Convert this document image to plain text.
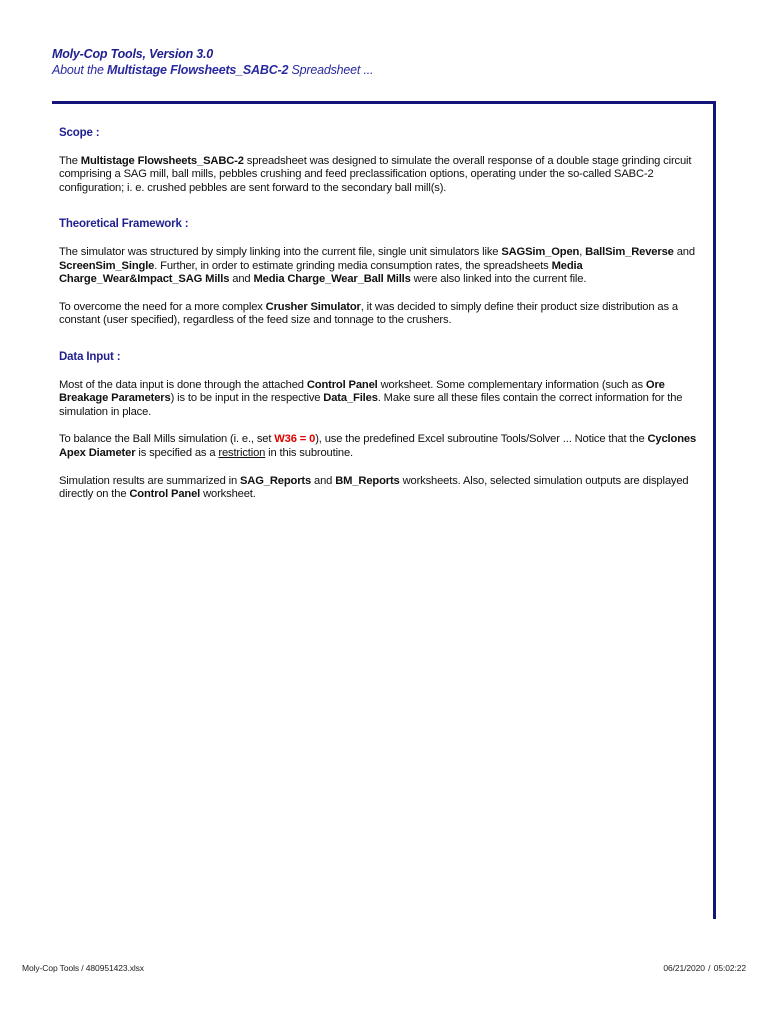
Moly-Cop Tools, Version 3.0
About the Multistage Flowsheets_SABC-2 Spreadsheet ...
Scope :

The Multistage Flowsheets_SABC-2 spreadsheet was designed to simulate the overall response of a double stage grinding circuit comprising a SAG mill, ball mills, pebbles crushing and feed preclassification options, operating under the so-called SABC-2 configuration; i. e. crushed pebbles are sent forward to the secondary ball mill(s).

Theoretical Framework :

The simulator was structured by simply linking into the current file, single unit simulators like SAGSim_Open, BallSim_Reverse and ScreenSim_Single. Further, in order to estimate grinding media consumption rates, the spreadsheets Media Charge_Wear&Impact_SAG Mills and Media Charge_Wear_Ball Mills were also linked into the current file.

To overcome the need for a more complex Crusher Simulator, it was decided to simply define their product size distribution as a constant (user specified), regardless of the feed size and tonnage to the crushers.

Data Input :

Most of the data input is done through the attached Control Panel worksheet. Some complementary information (such as Ore Breakage Parameters) is to be input in the respective Data_Files. Make sure all these files contain the correct information for the simulation in place.

To balance the Ball Mills simulation (i. e., set W36 = 0), use the predefined Excel subroutine Tools/Solver ... Notice that the Cyclones Apex Diameter is specified as a restriction in this subroutine.

Simulation results are summarized in SAG_Reports and BM_Reports worksheets. Also, selected simulation outputs are displayed directly on the Control Panel worksheet.

Moly-Cop Tools / 480951423.xlsx	06/21/2020 / 05:02:22
